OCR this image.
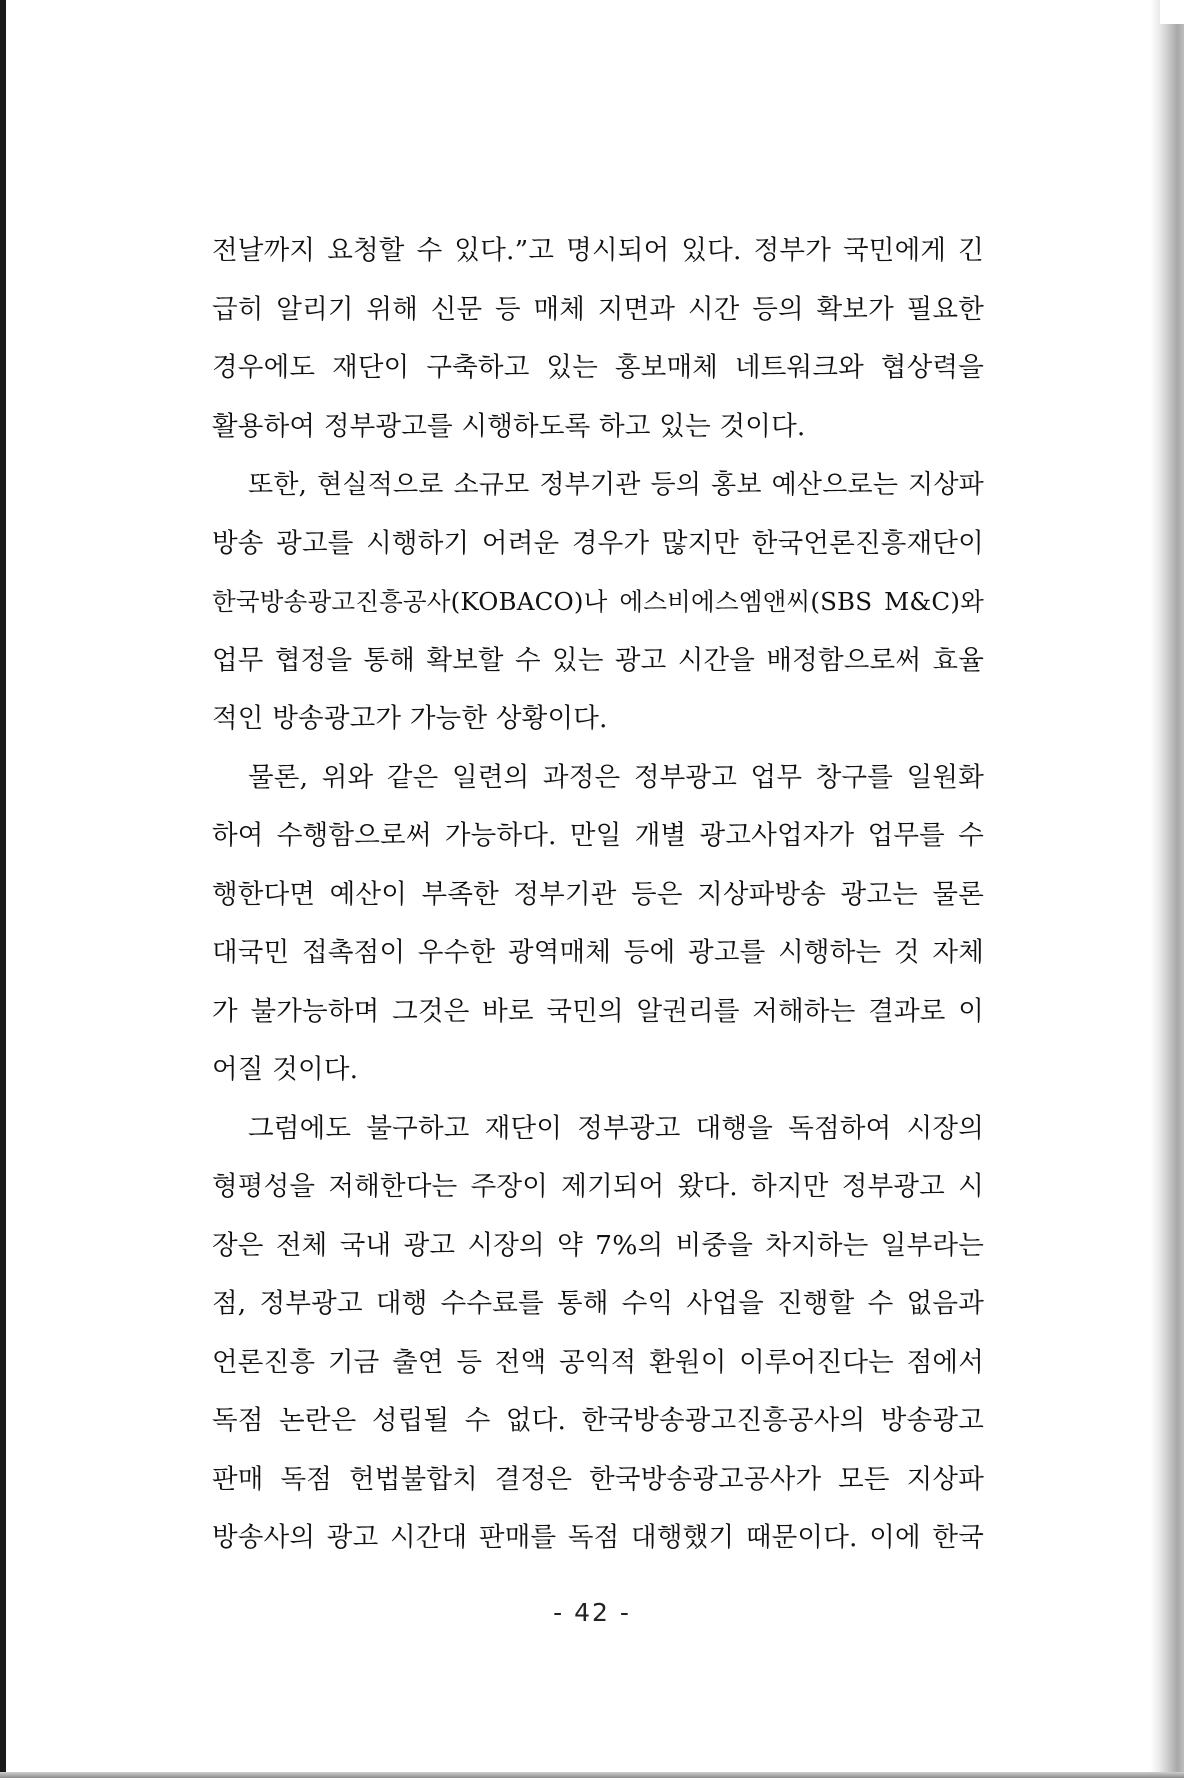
전날까지 요청할 수 있다.”고 명시되어 있다. 정부가 국민에게 긴
급히 알리기 위해 신문 등 매체 지면과 시간 등의 확보가 필요한
경우에도 재단이 구축하고 있는 홍보매체 네트워크와 협상력을
활용하여 정부광고를 시행하도록 하고 있는 것이다.
또한, 현실적으로 소규모 정부기관 등의 홍보 예산으로는 지상파
방송 광고를 시행하기 어려운 경우가 많지만 한국언론진흥재단이
한국방송광고진흥공사(KOBACO)나 에스비에스엠앤씨(SBS M&C)와
업무 협정을 통해 확보할 수 있는 광고 시간을 배정함으로써 효율
적인 방송광고가 가능한 상황이다.
물론, 위와 같은 일련의 과정은 정부광고 업무 창구를 일원화
하여 수행함으로써 가능하다. 만일 개별 광고사업자가 업무를 수
행한다면 예산이 부족한 정부기관 등은 지상파방송 광고는 물론
대국민 접촉점이 우수한 광역매체 등에 광고를 시행하는 것 자체
가 불가능하며 그것은 바로 국민의 알권리를 저해하는 결과로 이
어질 것이다.
그럼에도 불구하고 재단이 정부광고 대행을 독점하여 시장의
형평성을 저해한다는 주장이 제기되어 왔다. 하지만 정부광고 시
장은 전체 국내 광고 시장의 약 7%의 비중을 차지하는 일부라는
점, 정부광고 대행 수수료를 통해 수익 사업을 진행할 수 없음과
언론진흥 기금 출연 등 전액 공익적 환원이 이루어진다는 점에서
독점 논란은 성립될 수 없다. 한국방송광고진흥공사의 방송광고
판매 독점 헌법불합치 결정은 한국방송광고공사가 모든 지상파
방송사의 광고 시간대 판매를 독점 대행했기 때문이다. 이에 한국
- 42 -
